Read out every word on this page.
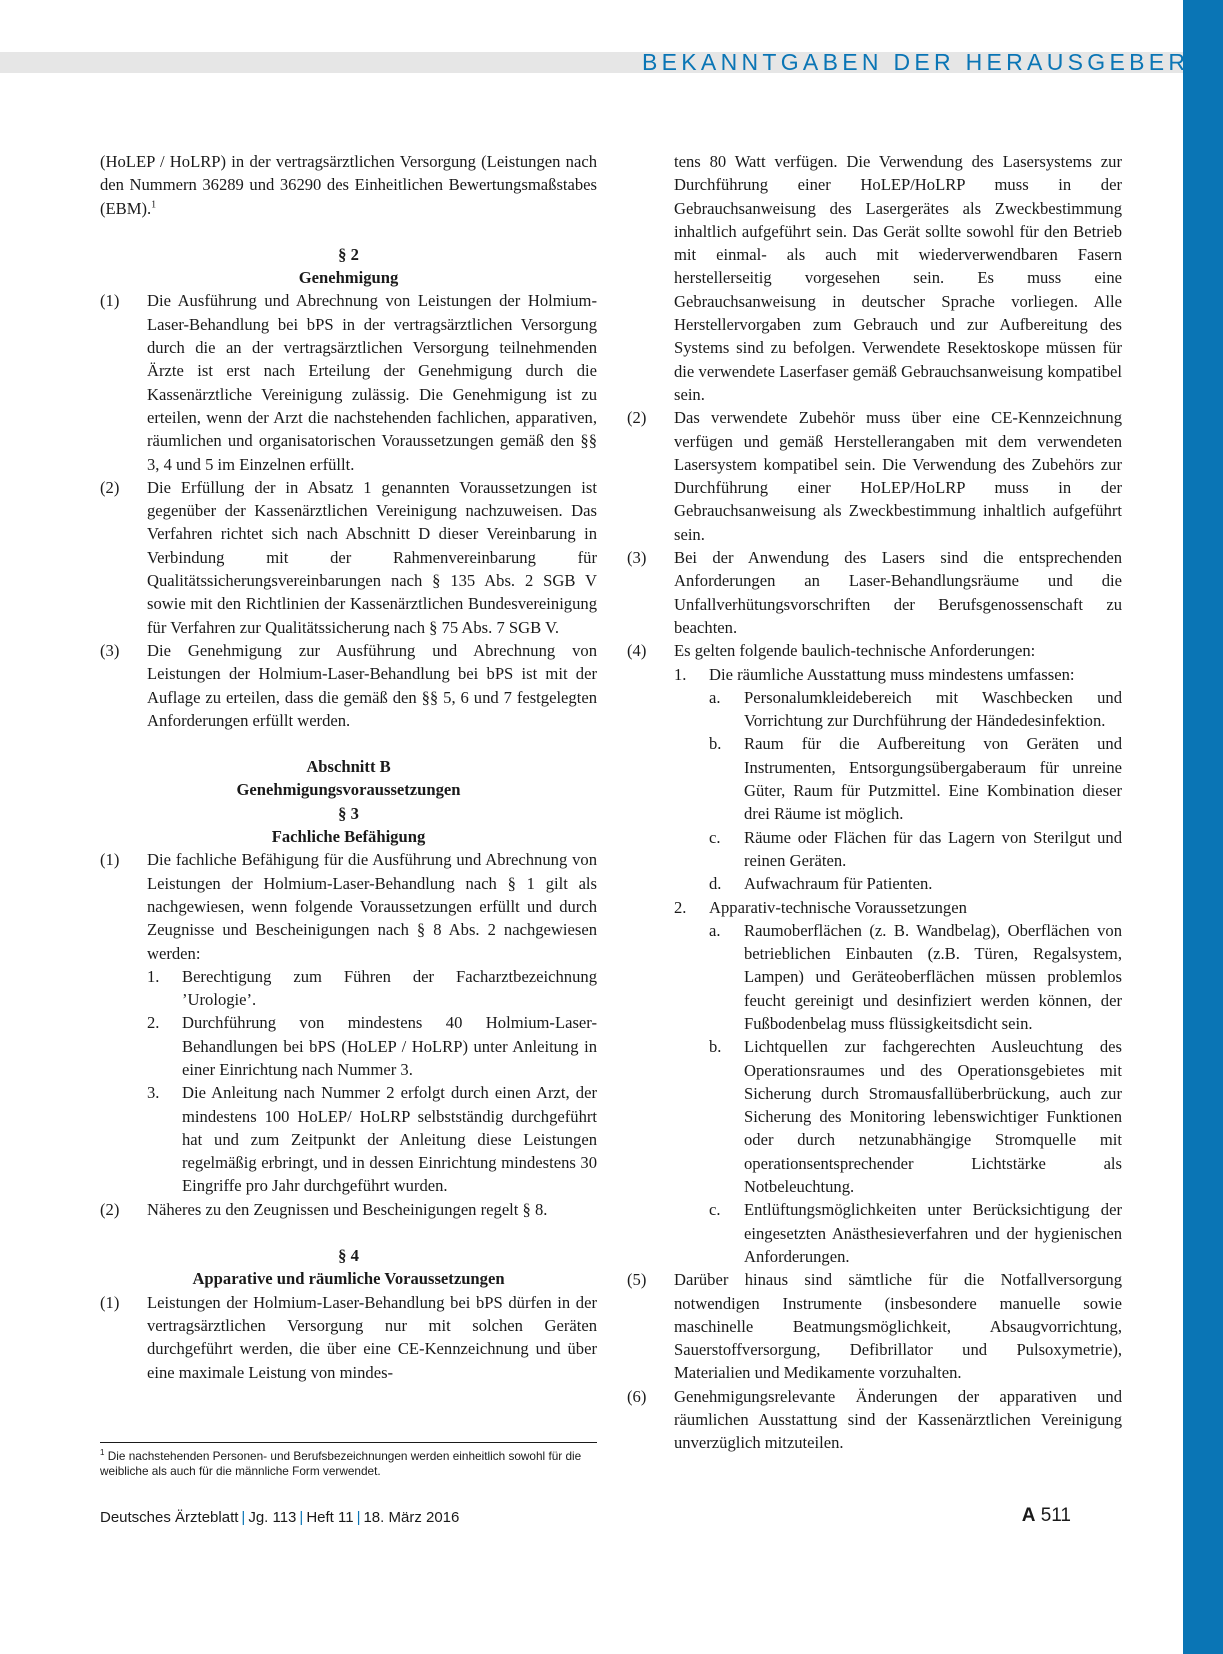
BEKANNTGABEN DER HERAUSGEBER

(HoLEP / HoLRP) in der vertragsärztlichen Versorgung (Leistungen nach den Nummern 36289 und 36290 des Einheitlichen Bewertungsmaßstabes (EBM).$^1$

§ 2

Genehmigung

(1)	Die Ausführung und Abrechnung von Leistungen der Holmium-Laser-Behandlung bei bPS in der vertragsärztlichen Versorgung durch die an der vertragsärztlichen Versorgung teilnehmenden Ärzte ist erst nach Erteilung der Genehmigung durch die Kassenärztliche Vereinigung zulässig. Die Genehmigung ist zu erteilen, wenn der Arzt die nachstehenden fachlichen, apparativen, räumlichen und organisatorischen Voraussetzungen gemäß den §§ 3, 4 und 5 im Einzelnen erfüllt.
(2)	Die Erfüllung der in Absatz 1 genannten Voraussetzungen ist gegenüber der Kassenärztlichen Vereinigung nachzuweisen. Das Verfahren richtet sich nach Abschnitt D dieser Vereinbarung in Verbindung mit der Rahmenvereinbarung für Qualitätssicherungsvereinbarungen nach § 135 Abs. 2 SGB V sowie mit den Richtlinien der Kassenärztlichen Bundesvereinigung für Verfahren zur Qualitätssicherung nach § 75 Abs. 7 SGB V.
(3)	Die Genehmigung zur Ausführung und Abrechnung von Leistungen der Holmium-Laser-Behandlung bei bPS ist mit der Auflage zu erteilen, dass die gemäß den §§ 5, 6 und 7 festgelegten Anforderungen erfüllt werden.

Abschnitt B

Genehmigungsvoraussetzungen

§ 3

Fachliche Befähigung

(1)	Die fachliche Befähigung für die Ausführung und Abrechnung von Leistungen der Holmium-Laser-Behandlung nach § 1 gilt als nachgewiesen, wenn folgende Voraussetzungen erfüllt und durch Zeugnisse und Bescheinigungen nach § 8 Abs. 2 nachgewiesen werden:
1.	Berechtigung zum Führen der Facharztbezeichnung ’Urologie’.
2.	Durchführung von mindestens 40 Holmium-Laser-Behandlungen bei bPS (HoLEP / HoLRP) unter Anleitung in einer Einrichtung nach Nummer 3.
3.	Die Anleitung nach Nummer 2 erfolgt durch einen Arzt, der mindestens 100 HoLEP/ HoLRP selbstständig durchgeführt hat und zum Zeitpunkt der Anleitung diese Leistungen regelmäßig erbringt, und in dessen Einrichtung mindestens 30 Eingriffe pro Jahr durchgeführt wurden.
(2)	Näheres zu den Zeugnissen und Bescheinigungen regelt § 8.

§ 4

Apparative und räumliche Voraussetzungen

(1)	Leistungen der Holmium-Laser-Behandlung bei bPS dürfen in der vertragsärztlichen Versorgung nur mit solchen Geräten durchgeführt werden, die über eine CE-Kennzeichnung und über eine maximale Leistung von mindes-
tens 80 Watt verfügen. Die Verwendung des Lasersystems zur Durchführung einer HoLEP/HoLRP muss in der Gebrauchsanweisung des Lasergerätes als Zweckbestimmung inhaltlich aufgeführt sein. Das Gerät sollte sowohl für den Betrieb mit einmal- als auch mit wiederverwendbaren Fasern herstellerseitig vorgesehen sein. Es muss eine Gebrauchsanweisung in deutscher Sprache vorliegen. Alle Herstellervorgaben zum Gebrauch und zur Aufbereitung des Systems sind zu befolgen. Verwendete Resektoskope müssen für die verwendete Laserfaser gemäß Gebrauchsanweisung kompatibel sein.
(2)	Das verwendete Zubehör muss über eine CE-Kennzeichnung verfügen und gemäß Herstellerangaben mit dem verwendeten Lasersystem kompatibel sein. Die Verwendung des Zubehörs zur Durchführung einer HoLEP/HoLRP muss in der Gebrauchsanweisung als Zweckbestimmung inhaltlich aufgeführt sein.
(3)	Bei der Anwendung des Lasers sind die entsprechenden Anforderungen an Laser-Behandlungsräume und die Unfallverhütungsvorschriften der Berufsgenossenschaft zu beachten.
(4)	Es gelten folgende baulich-technische Anforderungen:
1.	Die räumliche Ausstattung muss mindestens umfassen:
a.	Personalumkleidebereich mit Waschbecken und Vorrichtung zur Durchführung der Händedesinfektion.
b.	Raum für die Aufbereitung von Geräten und Instrumenten, Entsorgungsübergaberaum für unreine Güter, Raum für Putzmittel. Eine Kombination dieser drei Räume ist möglich.
c.	Räume oder Flächen für das Lagern von Sterilgut und reinen Geräten.
d.	Aufwachraum für Patienten.
2.	Apparativ-technische Voraussetzungen
a.	Raumoberflächen (z. B. Wandbelag), Oberflächen von betrieblichen Einbauten (z.B. Türen, Regalsystem, Lampen) und Geräteoberflächen müssen problemlos feucht gereinigt und desinfiziert werden können, der Fußbodenbelag muss flüssigkeitsdicht sein.
b.	Lichtquellen zur fachgerechten Ausleuchtung des Operationsraumes und des Operationsgebietes mit Sicherung durch Stromausfallüberbrückung, auch zur Sicherung des Monitoring lebenswichtiger Funktionen oder durch netzunabhängige Stromquelle mit operationsentsprechender Lichtstärke als Notbeleuchtung.
c.	Entlüftungsmöglichkeiten unter Berücksichtigung der eingesetzten Anästhesieverfahren und der hygienischen Anforderungen.
(5)	Darüber hinaus sind sämtliche für die Notfallversorgung notwendigen Instrumente (insbesondere manuelle sowie maschinelle Beatmungsmöglichkeit, Absaugvorrichtung, Sauerstoffversorgung, Defibrillator und Pulsoxymetrie), Materialien und Medikamente vorzuhalten.
(6)	Genehmigungsrelevante Änderungen der apparativen und räumlichen Ausstattung sind der Kassenärztlichen Vereinigung unverzüglich mitzuteilen.
$^1$ Die nachstehenden Personen- und Berufsbezeichnungen werden einheitlich sowohl für die weibliche als auch für die männliche Form verwendet.
Deutsches Ärzteblatt | Jg. 113 | Heft 11 | 18. März 2016	A 511
